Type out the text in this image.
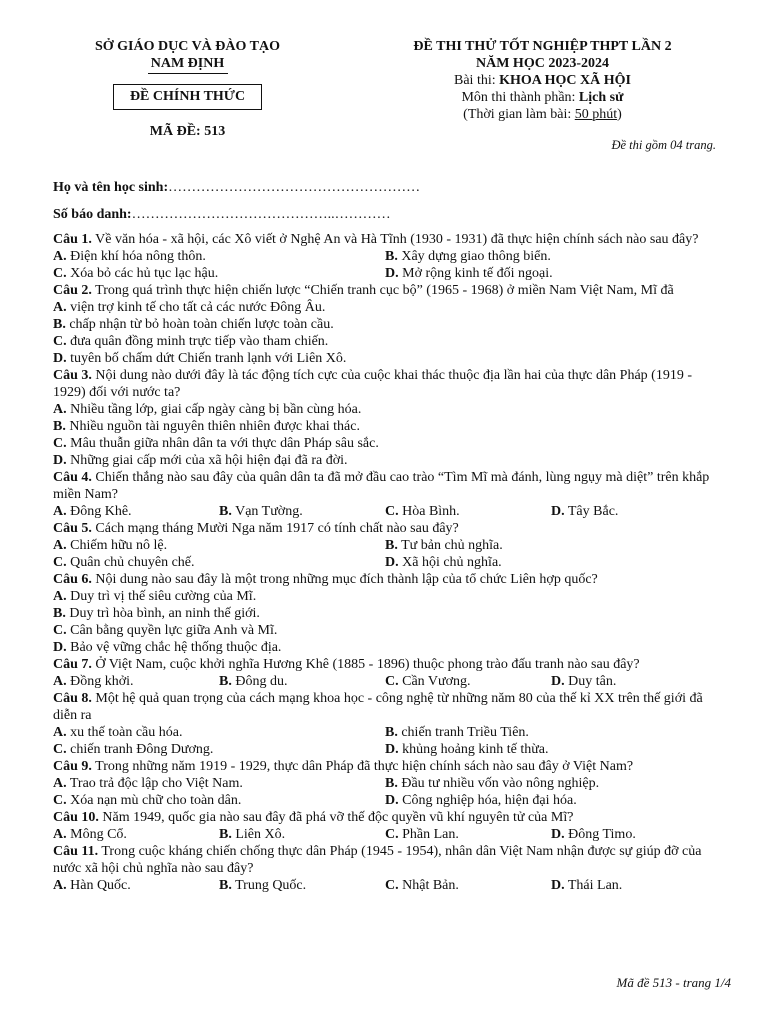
SỞ GIÁO DỤC VÀ ĐÀO TẠO
NAM ĐỊNH
ĐỀ CHÍNH THỨC
MÃ ĐỀ: 513
ĐỀ THI THỬ TỐT NGHIỆP THPT LẦN 2
NĂM HỌC 2023-2024
Bài thi: KHOA HỌC XÃ HỘI
Môn thi thành phần: Lịch sử
(Thời gian làm bài: 50 phút)
Đề thi gồm 04 trang.
Họ và tên học sinh:………………………………………………
Số báo danh:……………………………………..…………

Câu 1. Về văn hóa - xã hội, các Xô viết ở Nghệ An và Hà Tĩnh (1930 - 1931) đã thực hiện chính sách nào sau đây?

A. Điện khí hóa nông thôn.	B. Xây dựng giao thông biển.
C. Xóa bỏ các hủ tục lạc hậu.	D. Mở rộng kinh tế đối ngoại.

Câu 2. Trong quá trình thực hiện chiến lược “Chiến tranh cục bộ” (1965 - 1968) ở miền Nam Việt Nam, Mĩ đã

A. viện trợ kinh tế cho tất cả các nước Đông Âu.
B. chấp nhận từ bỏ hoàn toàn chiến lược toàn cầu.
C. đưa quân đồng minh trực tiếp vào tham chiến.
D. tuyên bố chấm dứt Chiến tranh lạnh với Liên Xô.

Câu 3. Nội dung nào dưới đây là tác động tích cực của cuộc khai thác thuộc địa lần hai của thực dân Pháp (1919 - 1929) đối với nước ta?

A. Nhiều tầng lớp, giai cấp ngày càng bị bần cùng hóa.
B. Nhiều nguồn tài nguyên thiên nhiên được khai thác.
C. Mâu thuẫn giữa nhân dân ta với thực dân Pháp sâu sắc.
D. Những giai cấp mới của xã hội hiện đại đã ra đời.

Câu 4. Chiến thắng nào sau đây của quân dân ta đã mở đầu cao trào “Tìm Mĩ mà đánh, lùng ngụy mà diệt” trên khắp miền Nam?

A. Đông Khê.	B. Vạn Tường.	C. Hòa Bình.	D. Tây Bắc.

Câu 5. Cách mạng tháng Mười Nga năm 1917 có tính chất nào sau đây?

A. Chiếm hữu nô lệ.	B. Tư bản chủ nghĩa.
C. Quân chủ chuyên chế.	D. Xã hội chủ nghĩa.

Câu 6. Nội dung nào sau đây là một trong những mục đích thành lập của tổ chức Liên hợp quốc?

A. Duy trì vị thế siêu cường của Mĩ.
B. Duy trì hòa bình, an ninh thế giới.
C. Cân bằng quyền lực giữa Anh và Mĩ.
D. Bảo vệ vững chắc hệ thống thuộc địa.

Câu 7. Ở Việt Nam, cuộc khởi nghĩa Hương Khê (1885 - 1896) thuộc phong trào đấu tranh nào sau đây?

A. Đồng khởi.	B. Đông du.	C. Cần Vương.	D. Duy tân.

Câu 8. Một hệ quả quan trọng của cách mạng khoa học - công nghệ từ những năm 80 của thế kỉ XX trên thế giới đã diễn ra

A. xu thế toàn cầu hóa.	B. chiến tranh Triều Tiên.
C. chiến tranh Đông Dương.	D. khủng hoảng kinh tế thừa.

Câu 9. Trong những năm 1919 - 1929, thực dân Pháp đã thực hiện chính sách nào sau đây ở Việt Nam?

A. Trao trả độc lập cho Việt Nam.	B. Đầu tư nhiều vốn vào nông nghiệp.
C. Xóa nạn mù chữ cho toàn dân.	D. Công nghiệp hóa, hiện đại hóa.

Câu 10. Năm 1949, quốc gia nào sau đây đã phá vỡ thế độc quyền vũ khí nguyên tử của Mĩ?

A. Mông Cổ.	B. Liên Xô.	C. Phần Lan.	D. Đông Timo.

Câu 11. Trong cuộc kháng chiến chống thực dân Pháp (1945 - 1954), nhân dân Việt Nam nhận được sự giúp đỡ của nước xã hội chủ nghĩa nào sau đây?

A. Hàn Quốc.	B. Trung Quốc.	C. Nhật Bản.	D. Thái Lan.
Mã đề 513 - trang 1/4
